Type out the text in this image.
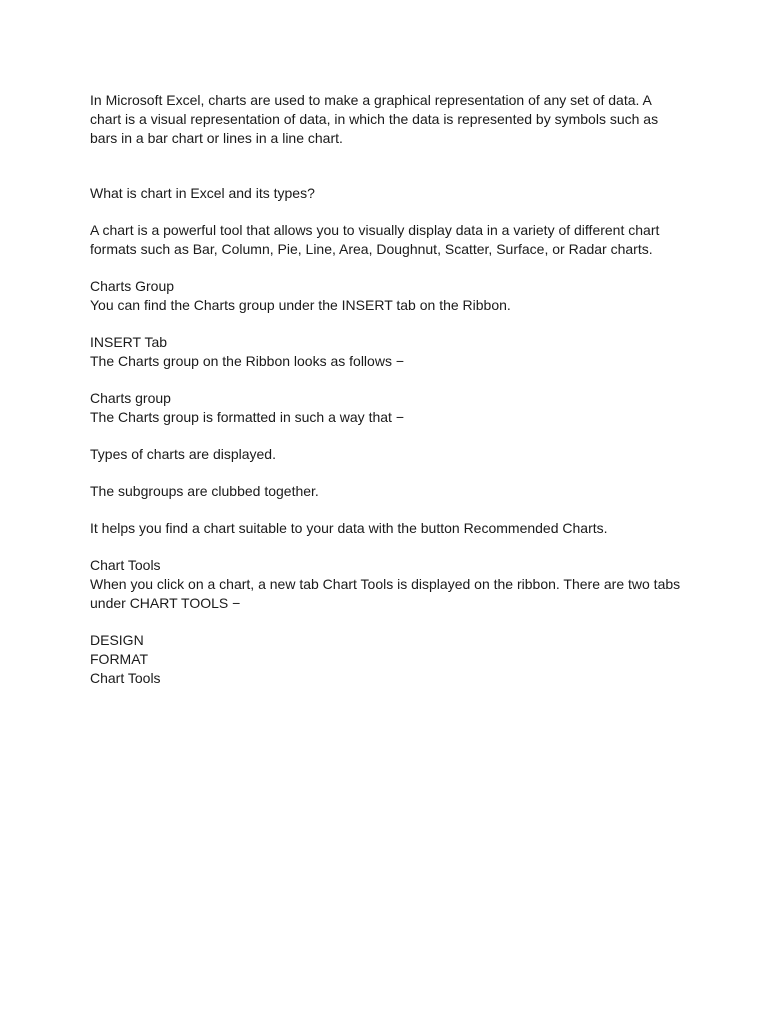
In Microsoft Excel, charts are used to make a graphical representation of any set of data. A
chart is a visual representation of data, in which the data is represented by symbols such as
bars in a bar chart or lines in a line chart.
What is chart in Excel and its types?
A chart is a powerful tool that allows you to visually display data in a variety of different chart
formats such as Bar, Column, Pie, Line, Area, Doughnut, Scatter, Surface, or Radar charts.
Charts Group
You can find the Charts group under the INSERT tab on the Ribbon.
INSERT Tab
The Charts group on the Ribbon looks as follows −
Charts group
The Charts group is formatted in such a way that −
Types of charts are displayed.
The subgroups are clubbed together.
It helps you find a chart suitable to your data with the button Recommended Charts.
Chart Tools
When you click on a chart, a new tab Chart Tools is displayed on the ribbon. There are two tabs
under CHART TOOLS −
DESIGN
FORMAT
Chart Tools
